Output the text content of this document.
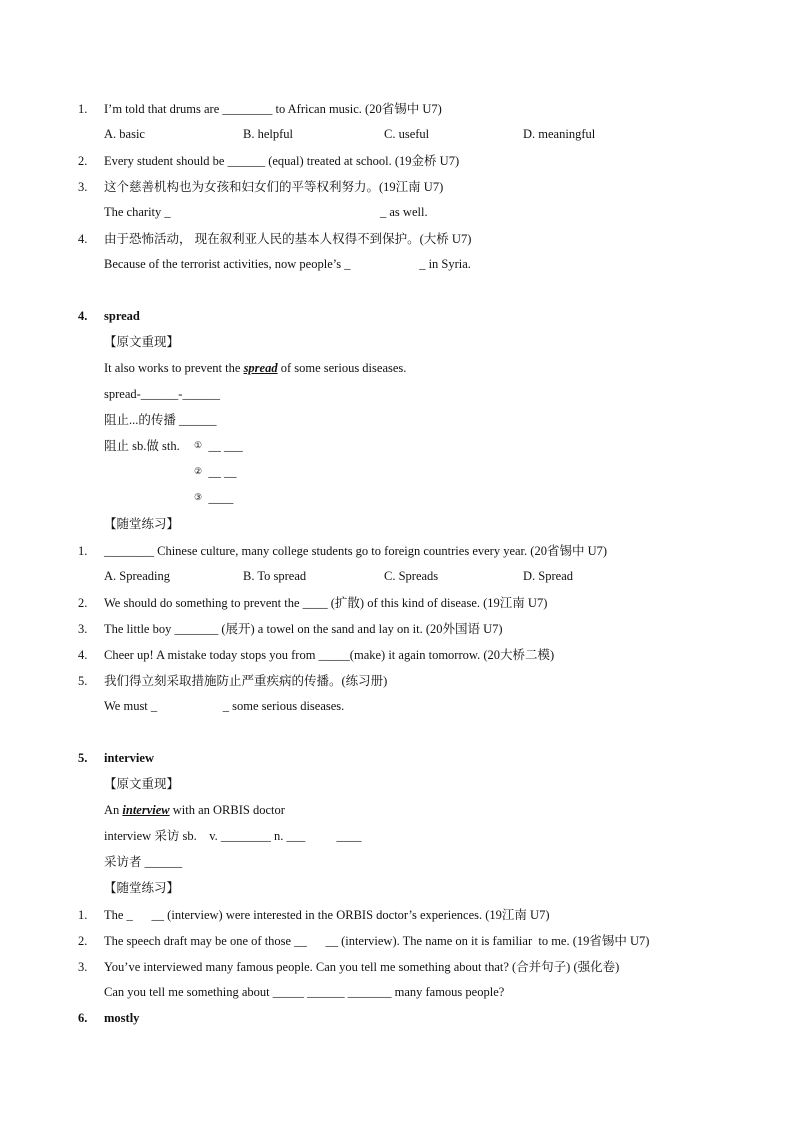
1. I’m told that drums are ________ to African music. (20省锡中 U7)
A. basic	B. helpful	C. useful	D. meaningful
2. Every student should be ______ (equal) treated at school. (19金桥 U7)
3. 这个慈善机构也为女孩和妇女们的平等权利努力。(19江南 U7)
The charity _                                                                   _ as well.
4. 由于恐怖活动， 现在叙利亚人民的基本人权得不到保护。(大桥 U7)
Because of the terrorist activities, now people’s _                      _ in Syria.
4. spread
【原文重现】
It also works to prevent the spread of some serious diseases.
spread-______-______
阻止...的传播 ______
阻止 sb.做 sth. ① __ ___
② __ __
③ ____
【随堂练习】
1. ________ Chinese culture, many college students go to foreign countries every year. (20省锡中 U7)
A. Spreading	B. To spread	C. Spreads	D. Spread
2. We should do something to prevent the ____ (扩散) of this kind of disease. (19江南 U7)
3. The little boy _______ (展开) a towel on the sand and lay on it. (20外国语 U7)
4. Cheer up! A mistake today stops you from _____(make) it again tomorrow. (20大桥二模)
5. 我们得立刻采取措施防止严重疾病的传播。(练习册)
We must _                     _ some serious diseases.
5. interview
【原文重现】
An interview with an ORBIS doctor
interview 采访 sb.    v. ________ n. ___          ____
采访者 ______
【随堂练习】
1. The _      __ (interview) were interested in the ORBIS doctor’s experiences. (19江南 U7)
2. The speech draft may be one of those __      __ (interview). The name on it is familiar  to me. (19省锡中 U7)
3. You’ve interviewed many famous people. Can you tell me something about that? (合并句子) (强化卷)
Can you tell me something about _____ ______ _______ many famous people?
6. mostly
